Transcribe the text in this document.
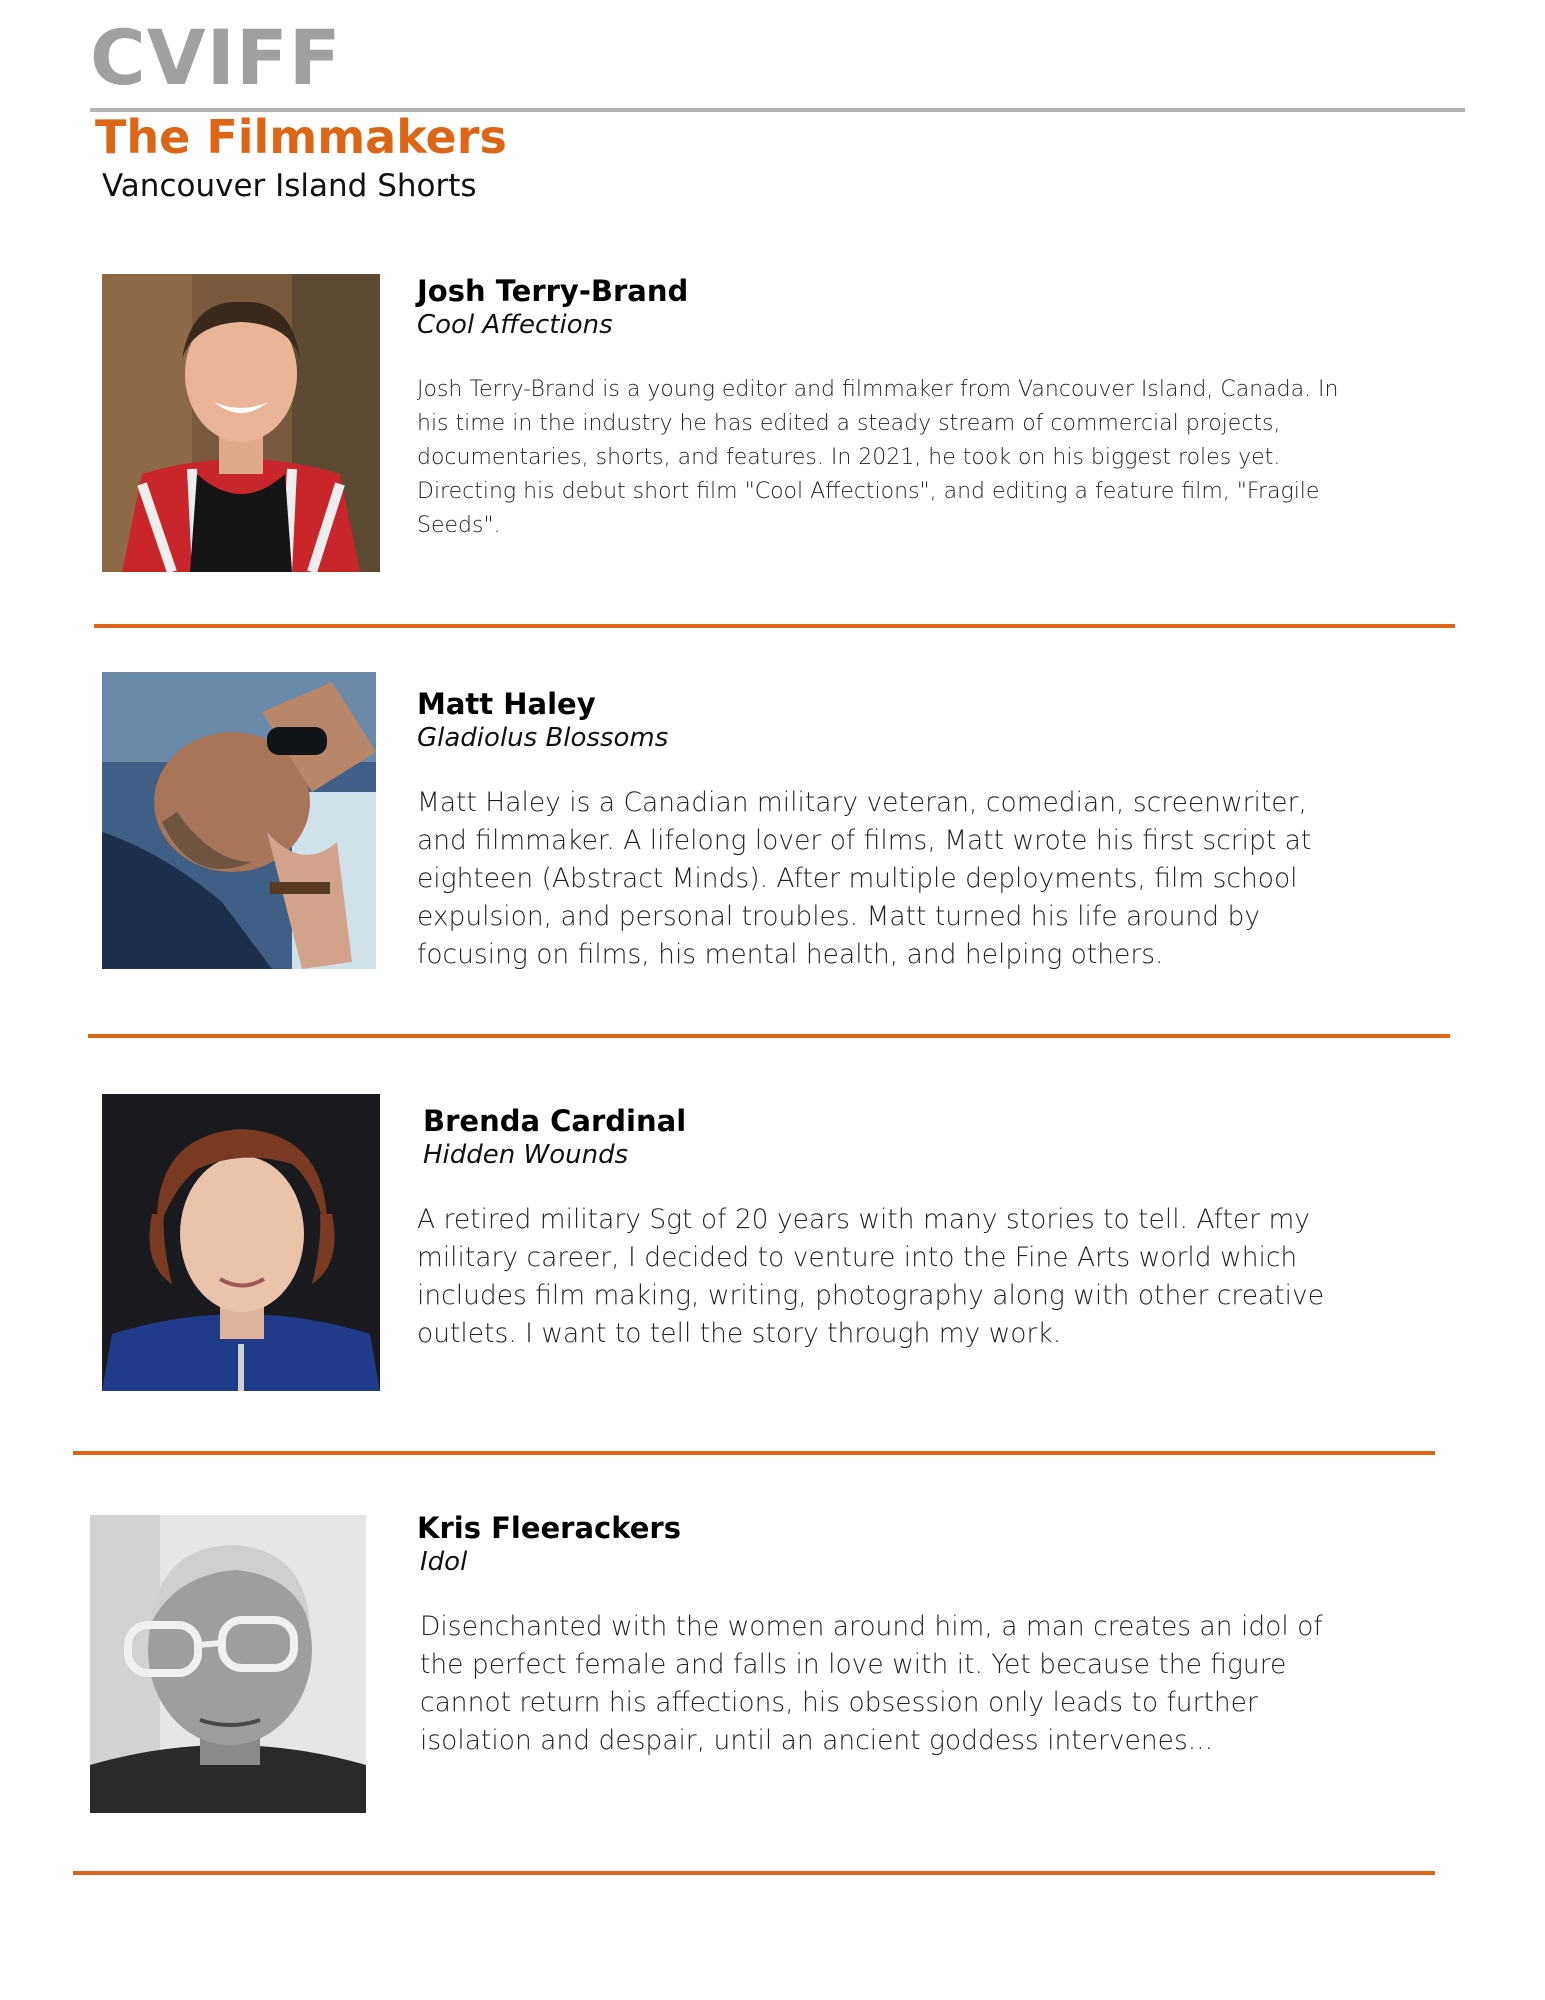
CVIFF
The Filmmakers
Vancouver Island Shorts
Josh Terry-Brand
Cool Affections
Josh Terry-Brand is a young editor and filmmaker from Vancouver Island, Canada. In his time in the industry he has edited a steady stream of commercial projects, documentaries, shorts, and features. In 2021, he took on his biggest roles yet. Directing his debut short film "Cool Affections", and editing a feature film, "Fragile Seeds".
Matt Haley
Gladiolus Blossoms
Matt Haley is a Canadian military veteran, comedian, screenwriter, and filmmaker. A lifelong lover of films, Matt wrote his first script at eighteen (Abstract Minds). After multiple deployments, film school expulsion, and personal troubles. Matt turned his life around by focusing on films, his mental health, and helping others.
Brenda Cardinal
Hidden Wounds
A retired military Sgt of 20 years with many stories to tell. After my military career, I decided to venture into the Fine Arts world which includes film making, writing, photography along with other creative outlets. I want to tell the story through my work.
Kris Fleerackers
Idol
Disenchanted with the women around him, a man creates an idol of the perfect female and falls in love with it. Yet because the figure cannot return his affections, his obsession only leads to further isolation and despair, until an ancient goddess intervenes...
